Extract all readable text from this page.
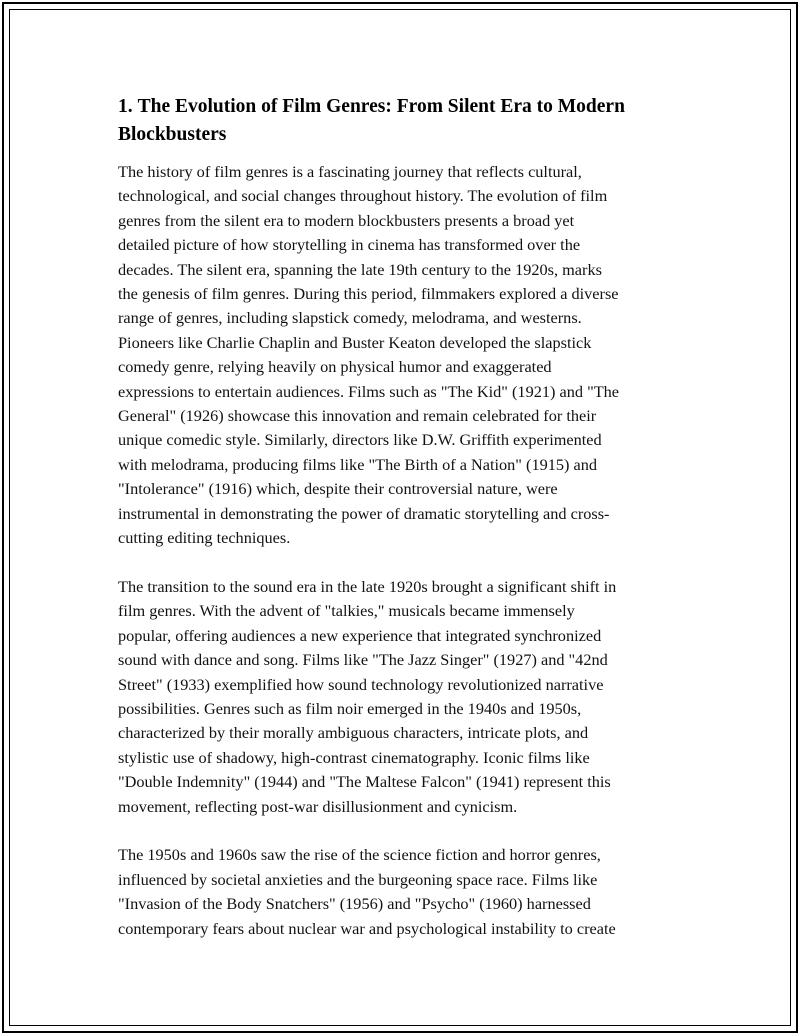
1. The Evolution of Film Genres: From Silent Era to Modern
Blockbusters

The history of film genres is a fascinating journey that reflects cultural,
technological, and social changes throughout history. The evolution of film
genres from the silent era to modern blockbusters presents a broad yet
detailed picture of how storytelling in cinema has transformed over the
decades. The silent era, spanning the late 19th century to the 1920s, marks
the genesis of film genres. During this period, filmmakers explored a diverse
range of genres, including slapstick comedy, melodrama, and westerns.
Pioneers like Charlie Chaplin and Buster Keaton developed the slapstick
comedy genre, relying heavily on physical humor and exaggerated
expressions to entertain audiences. Films such as "The Kid" (1921) and "The
General" (1926) showcase this innovation and remain celebrated for their
unique comedic style. Similarly, directors like D.W. Griffith experimented
with melodrama, producing films like "The Birth of a Nation" (1915) and
"Intolerance" (1916) which, despite their controversial nature, were
instrumental in demonstrating the power of dramatic storytelling and cross-
cutting editing techniques.

The transition to the sound era in the late 1920s brought a significant shift in
film genres. With the advent of "talkies," musicals became immensely
popular, offering audiences a new experience that integrated synchronized
sound with dance and song. Films like "The Jazz Singer" (1927) and "42nd
Street" (1933) exemplified how sound technology revolutionized narrative
possibilities. Genres such as film noir emerged in the 1940s and 1950s,
characterized by their morally ambiguous characters, intricate plots, and
stylistic use of shadowy, high-contrast cinematography. Iconic films like
"Double Indemnity" (1944) and "The Maltese Falcon" (1941) represent this
movement, reflecting post-war disillusionment and cynicism.

The 1950s and 1960s saw the rise of the science fiction and horror genres,
influenced by societal anxieties and the burgeoning space race. Films like
"Invasion of the Body Snatchers" (1956) and "Psycho" (1960) harnessed
contemporary fears about nuclear war and psychological instability to create
